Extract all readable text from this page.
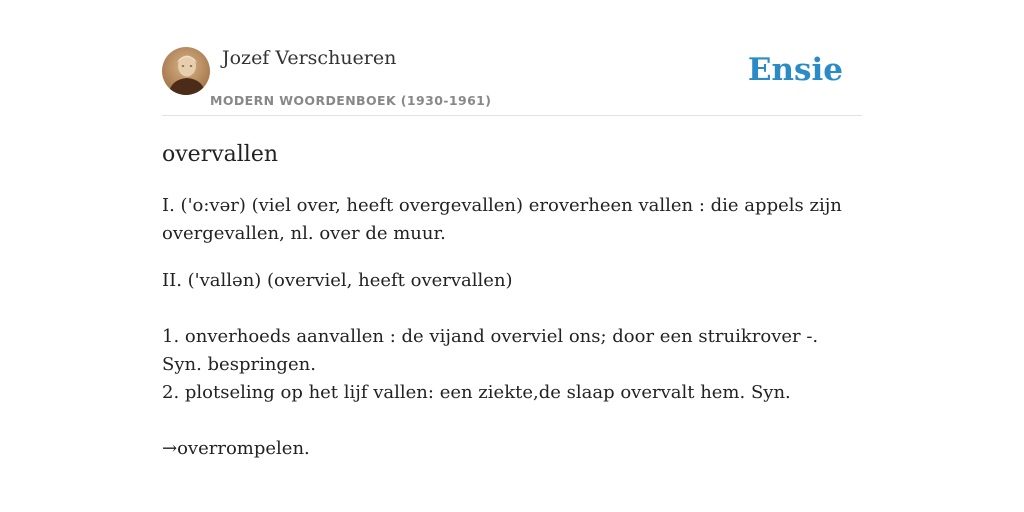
Jozef Verschueren
MODERN WOORDENBOEK (1930-1961)
Ensie
overvallen
I. ('o:vər) (viel over, heeft overgevallen) eroverheen vallen : die appels zijn overgevallen, nl. over de muur.
II. ('vallən) (overviel, heeft overvallen)
1. onverhoeds aanvallen : de vijand overviel ons; door een struikrover -. Syn. bespringen.
2. plotseling op het lijf vallen: een ziekte,de slaap overvalt hem. Syn.
→overrompelen.
